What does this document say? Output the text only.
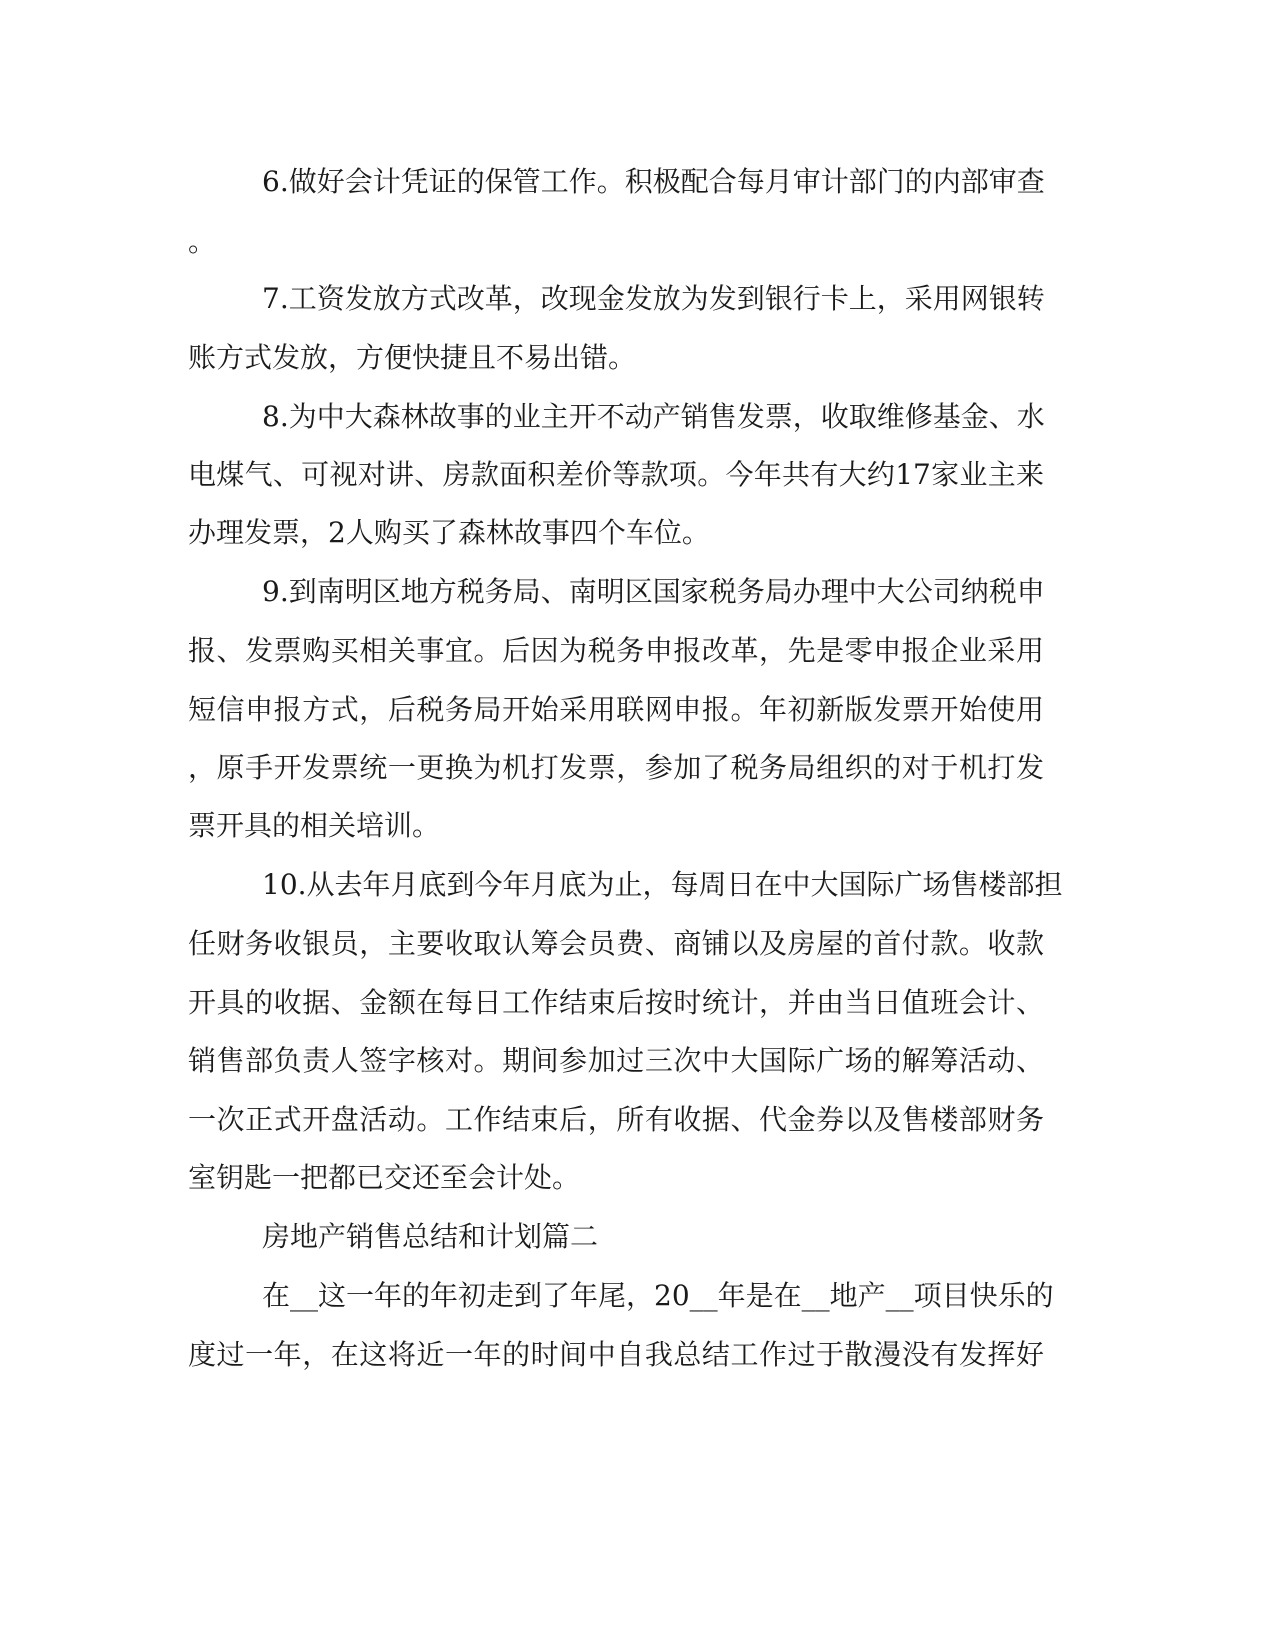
6.做好会计凭证的保管工作。积极配合每月审计部门的内部审查
。
7.工资发放方式改革，改现金发放为发到银行卡上，采用网银转
账方式发放，方便快捷且不易出错。
8.为中大森林故事的业主开不动产销售发票，收取维修基金、水
电煤气、可视对讲、房款面积差价等款项。今年共有大约17家业主来
办理发票，2人购买了森林故事四个车位。
9.到南明区地方税务局、南明区国家税务局办理中大公司纳税申
报、发票购买相关事宜。后因为税务申报改革，先是零申报企业采用
短信申报方式，后税务局开始采用联网申报。年初新版发票开始使用
，原手开发票统一更换为机打发票，参加了税务局组织的对于机打发
票开具的相关培训。
10.从去年月底到今年月底为止，每周日在中大国际广场售楼部担
任财务收银员，主要收取认筹会员费、商铺以及房屋的首付款。收款
开具的收据、金额在每日工作结束后按时统计，并由当日值班会计、
销售部负责人签字核对。期间参加过三次中大国际广场的解筹活动、
一次正式开盘活动。工作结束后，所有收据、代金券以及售楼部财务
室钥匙一把都已交还至会计处。
房地产销售总结和计划篇二
在__这一年的年初走到了年尾，20__年是在__地产__项目快乐的
度过一年，在这将近一年的时间中自我总结工作过于散漫没有发挥好
